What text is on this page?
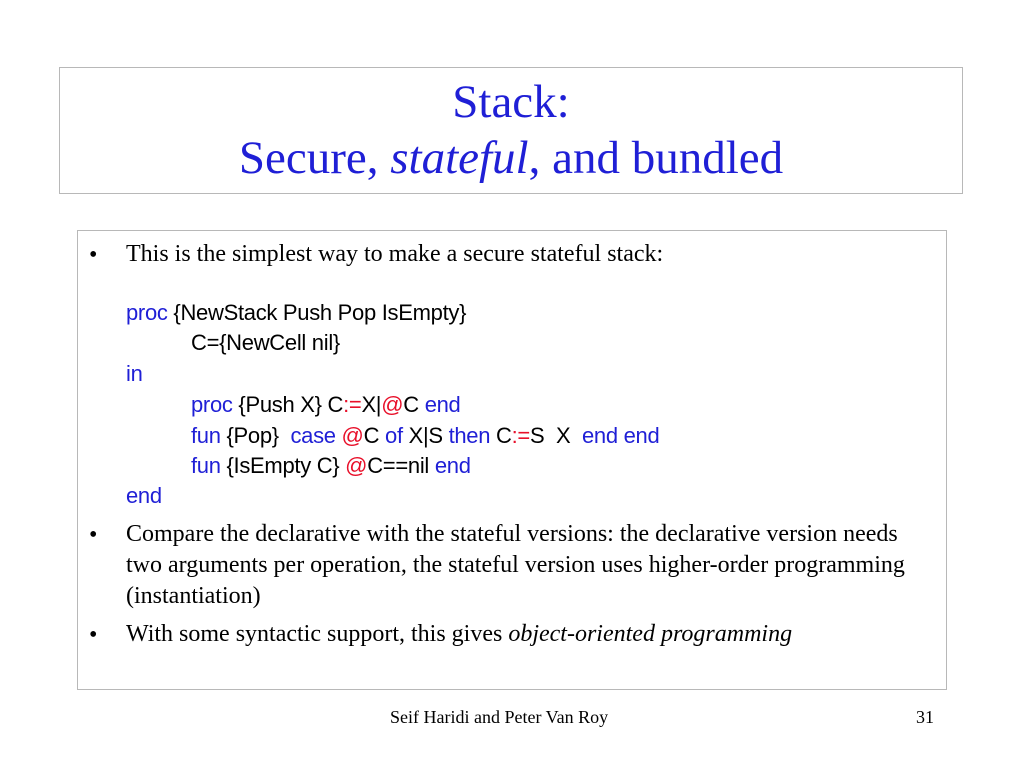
Stack:
Secure, stateful, and bundled
• This is the simplest way to make a secure stateful stack:
proc {NewStack Push Pop IsEmpty}
C={NewCell nil}
in
proc {Push X} C:=X|@C end
fun {Pop}  case @C of X|S then C:=S  X  end end
fun {IsEmpty C} @C==nil end
end
• Compare the declarative with the stateful versions: the declarative version needs two arguments per operation, the stateful version uses higher-order programming (instantiation)
• With some syntactic support, this gives object-oriented programming
Seif Haridi and Peter Van Roy	31
